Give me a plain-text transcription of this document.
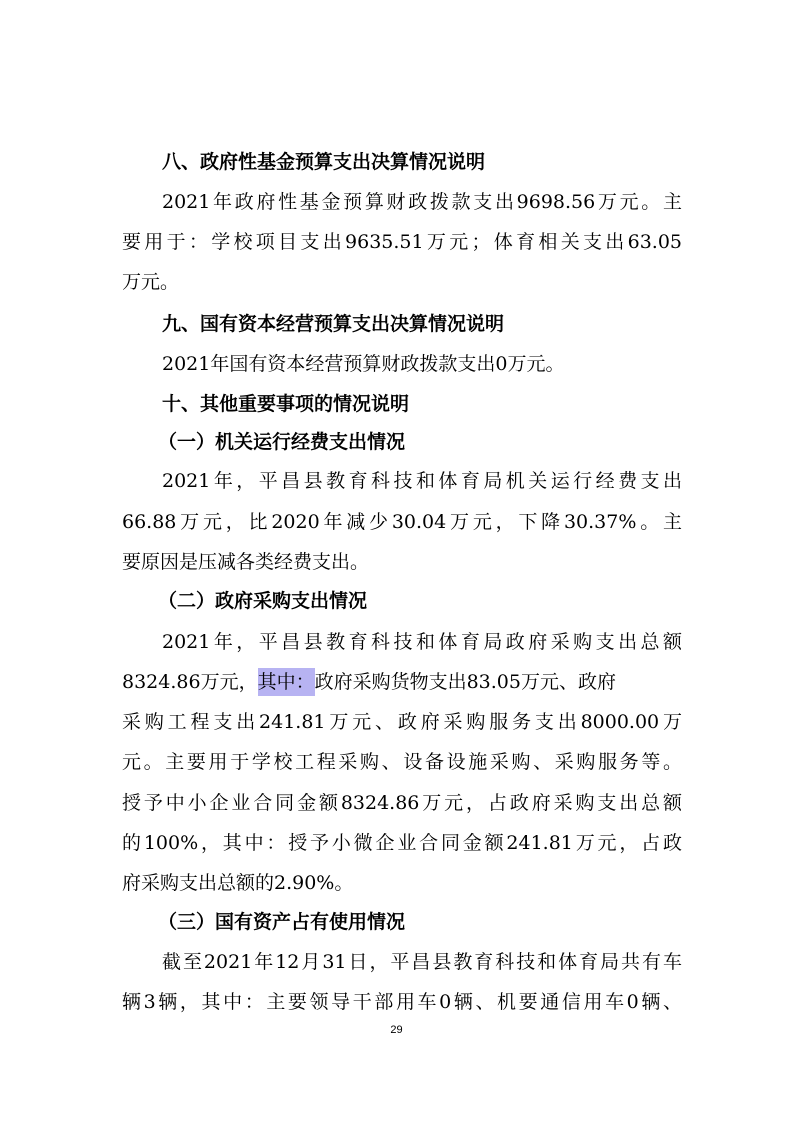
八、政府性基金预算支出决算情况说明
2021年政府性基金预算财政拨款支出9698.56万元。主
要用于：学校项目支出9635.51万元；体育相关支出63.05
万元。
九、国有资本经营预算支出决算情况说明
2021年国有资本经营预算财政拨款支出0万元。
十、其他重要事项的情况说明
（一）机关运行经费支出情况
2021年，平昌县教育科技和体育局机关运行经费支出
66.88万元，比2020年减少30.04万元，下降30.37%。主
要原因是压减各类经费支出。
（二）政府采购支出情况
2021年，平昌县教育科技和体育局政府采购支出总额
8324.86万元，其中：政府采购货物支出83.05万元、政府
采购工程支出241.81万元、政府采购服务支出8000.00万
元。主要用于学校工程采购、设备设施采购、采购服务等。
授予中小企业合同金额8324.86万元，占政府采购支出总额
的100%，其中：授予小微企业合同金额241.81万元，占政
府采购支出总额的2.90%。
（三）国有资产占有使用情况
截至2021年12月31日，平昌县教育科技和体育局共有车
辆3辆，其中：主要领导干部用车0辆、机要通信用车0辆、
29
